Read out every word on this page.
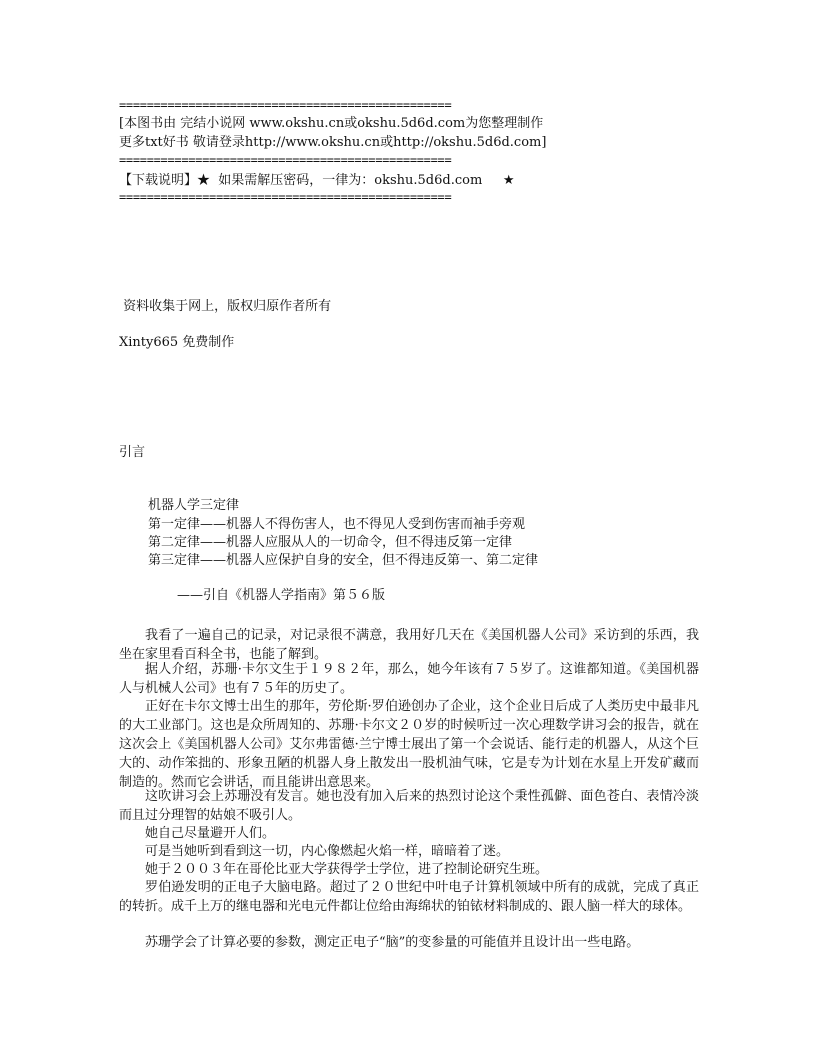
================================================
[本图书由 完结小说网 www.okshu.cn或okshu.5d6d.com为您整理制作
更多txt好书 敬请登录http://www.okshu.cn或http://okshu.5d6d.com]
================================================
【下载说明】★  如果需解压密码，一律为：okshu.5d6d.com     ★
================================================
资料收集于网上，版权归原作者所有
Xinty665 免费制作
引言
机器人学三定律
第一定律——机器人不得伤害人，也不得见人受到伤害而袖手旁观
第二定律——机器人应服从人的一切命令，但不得违反第一定律
第三定律——机器人应保护自身的安全，但不得违反第一、第二定律
——引自《机器人学指南》第５６版

我看了一遍自己的记录，对记录很不满意，我用好几天在《美国机器人公司》采访到的乐西，我坐在家里看百科全书，也能了解到。

据人介绍，苏珊·卡尔文生于１９８２年，那么，她今年该有７５岁了。这谁都知道。《美国机器人与机械人公司》也有７５年的历史了。

正好在卡尔文博士出生的那年，劳伦斯·罗伯逊创办了企业，这个企业日后成了人类历史中最非凡的大工业部门。这也是众所周知的、苏珊·卡尔文２０岁的时候听过一次心理数学讲习会的报告，就在这次会上《美国机器人公司》艾尔弗雷德·兰宁博士展出了第一个会说话、能行走的机器人，从这个巨大的、动作笨拙的、形象丑陋的机器人身上散发出一股机油气味，它是专为计划在水星上开发矿藏而制造的。然而它会讲话，而且能讲出意思来。

这吹讲习会上苏珊没有发言。她也没有加入后来的热烈讨论这个秉性孤僻、面色苍白、表情冷淡而且过分理智的姑娘不吸引人。

她自己尽量避开人们。

可是当她听到看到这一切，内心像燃起火焰一样，暗暗着了迷。

她于２００３年在哥伦比亚大学获得学士学位，进了控制论研究生班。

罗伯逊发明的正电子大脑电路。超过了２０世纪中叶电子计算机领域中所有的成就，完成了真正的转折。成千上万的继电器和光电元件都让位给由海绵状的铂铱材料制成的、跟人脑一样大的球体。

苏珊学会了计算必要的参数，测定正电子“脑”的变参量的可能值并且设计出一些电路。
